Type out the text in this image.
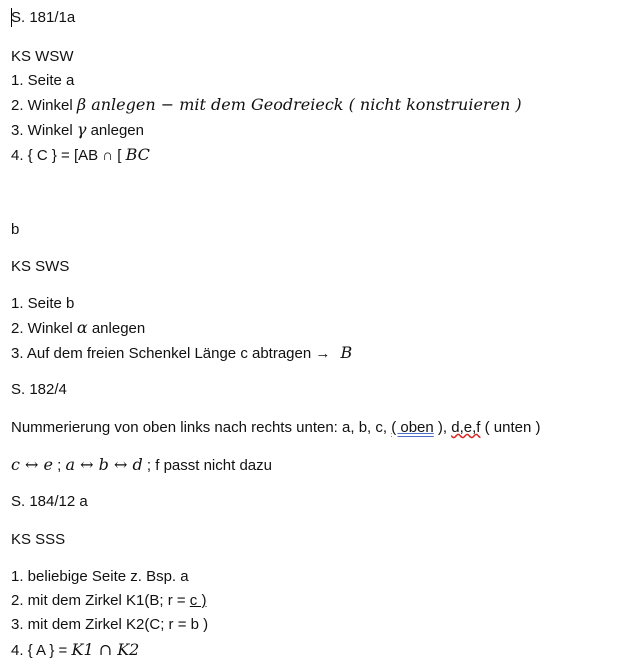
S. 181/1a
KS WSW
1. Seite a
2. Winkel β anlegen − mit dem Geodreieck ( nicht konstruieren )
3. Winkel γ anlegen
4. { C } = [AB ∩ [ BC
b
KS SWS
1. Seite b
2. Winkel α anlegen
3. Auf dem freien Schenkel Länge c abtragen → B
S. 182/4
Nummerierung von oben links nach rechts unten: a, b, c, ( oben ), d,e,f ( unten )
c ↔ e ; a ↔ b ↔ d ; f passt nicht dazu
S. 184/12 a
KS SSS
1. beliebige Seite z. Bsp. a
2. mit dem Zirkel K1(B; r = c )
3. mit dem Zirkel K2(C; r = b )
4. { A } = K1 ∩ K2
